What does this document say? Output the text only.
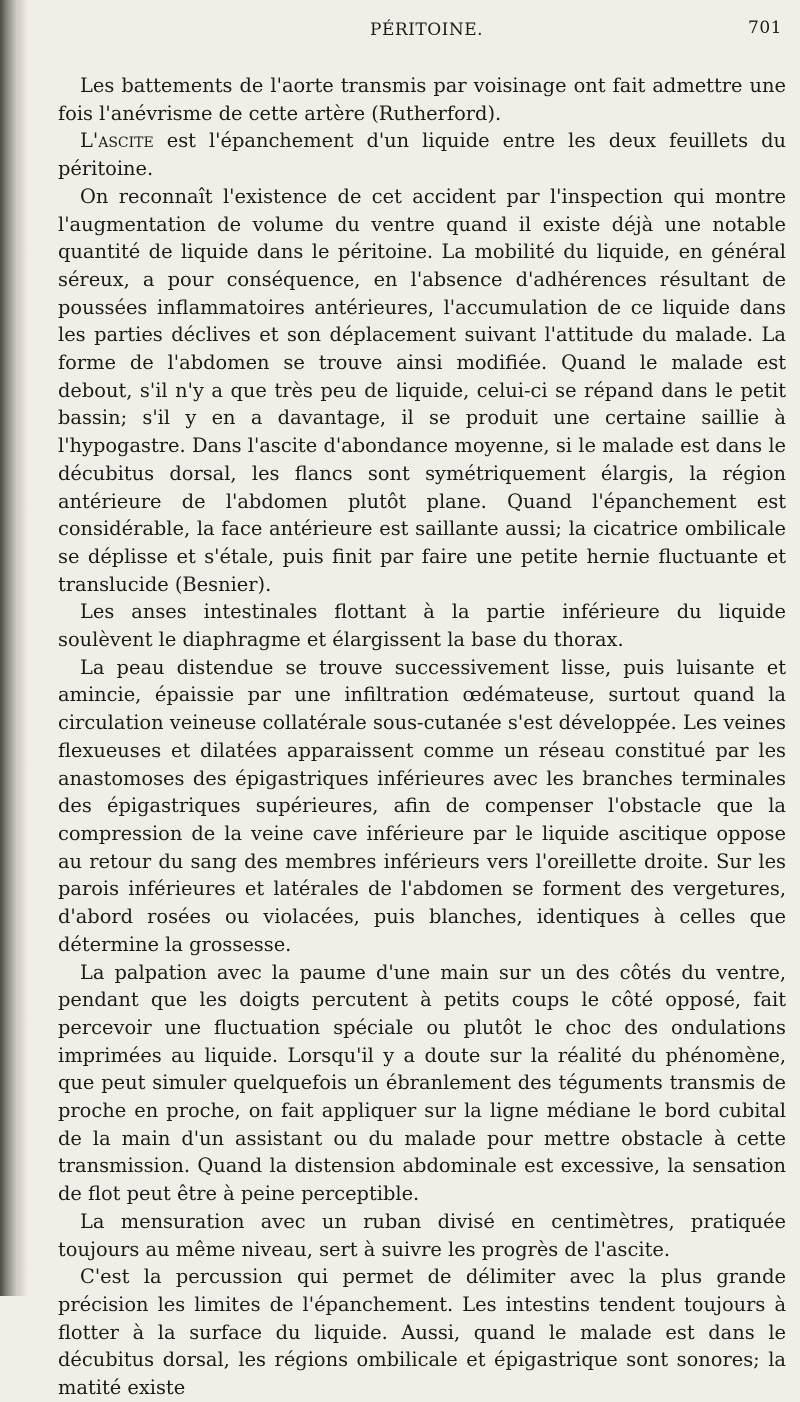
PÉRITOINE.	701

Les battements de l'aorte transmis par voisinage ont fait admettre une fois l'anévrisme de cette artère (Rutherford).

L'ascite est l'épanchement d'un liquide entre les deux feuillets du péritoine.

On reconnaît l'existence de cet accident par l'inspection qui montre l'augmentation de volume du ventre quand il existe déjà une notable quantité de liquide dans le péritoine. La mobilité du liquide, en général séreux, a pour conséquence, en l'absence d'adhérences résultant de poussées inflammatoires antérieures, l'accumulation de ce liquide dans les parties déclives et son déplacement suivant l'attitude du malade. La forme de l'abdomen se trouve ainsi modifiée. Quand le malade est debout, s'il n'y a que très peu de liquide, celui-ci se répand dans le petit bassin; s'il y en a davantage, il se produit une certaine saillie à l'hypogastre. Dans l'ascite d'abondance moyenne, si le malade est dans le décubitus dorsal, les flancs sont symétriquement élargis, la région antérieure de l'abdomen plutôt plane. Quand l'épanchement est considérable, la face antérieure est saillante aussi; la cicatrice ombilicale se déplisse et s'étale, puis finit par faire une petite hernie fluctuante et translucide (Besnier).

Les anses intestinales flottant à la partie inférieure du liquide soulèvent le diaphragme et élargissent la base du thorax.

La peau distendue se trouve successivement lisse, puis luisante et amincie, épaissie par une infiltration œdémateuse, surtout quand la circulation veineuse collatérale sous-cutanée s'est développée. Les veines flexueuses et dilatées apparaissent comme un réseau constitué par les anastomoses des épigastriques inférieures avec les branches terminales des épigastriques supérieures, afin de compenser l'obstacle que la compression de la veine cave inférieure par le liquide ascitique oppose au retour du sang des membres inférieurs vers l'oreillette droite. Sur les parois inférieures et latérales de l'abdomen se forment des vergetures, d'abord rosées ou violacées, puis blanches, identiques à celles que détermine la grossesse.

La palpation avec la paume d'une main sur un des côtés du ventre, pendant que les doigts percutent à petits coups le côté opposé, fait percevoir une fluctuation spéciale ou plutôt le choc des ondulations imprimées au liquide. Lorsqu'il y a doute sur la réalité du phénomène, que peut simuler quelquefois un ébranlement des téguments transmis de proche en proche, on fait appliquer sur la ligne médiane le bord cubital de la main d'un assistant ou du malade pour mettre obstacle à cette transmission. Quand la distension abdominale est excessive, la sensation de flot peut être à peine perceptible.

La mensuration avec un ruban divisé en centimètres, pratiquée toujours au même niveau, sert à suivre les progrès de l'ascite.

C'est la percussion qui permet de délimiter avec la plus grande précision les limites de l'épanchement. Les intestins tendent toujours à flotter à la surface du liquide. Aussi, quand le malade est dans le décubitus dorsal, les régions ombilicale et épigastrique sont sonores; la matité existe
